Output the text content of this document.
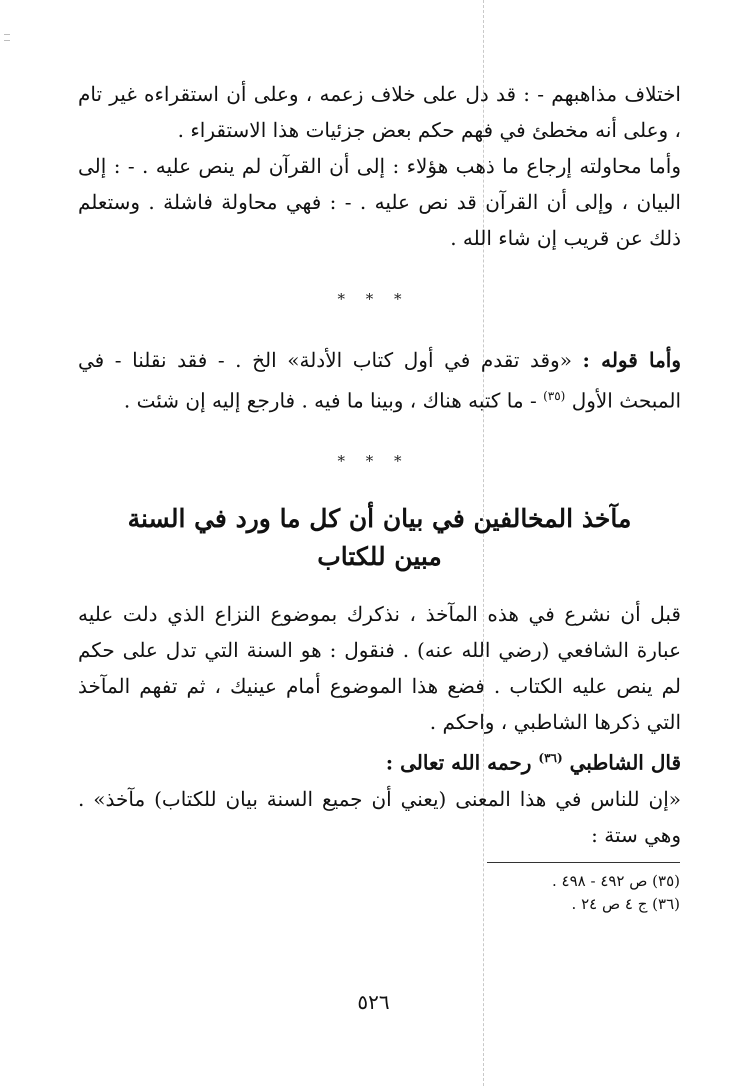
اختلاف مذاهبهم - : قد دل على خلاف زعمه ، وعلى أن استقراءه غير تام ، وعلى أنه مخطئ في فهم حكم بعض جزئيات هذا الاستقراء .

وأما محاولته إرجاع ما ذهب هؤلاء : إلى أن القرآن لم ينص عليه . - : إلى البيان ، وإلى أن القرآن قد نص عليه . - : فهي محاولة فاشلة . وستعلم ذلك عن قريب إن شاء الله .

* * *

وأما قوله : «وقد تقدم في أول كتاب الأدلة» الخ . - فقد نقلنا - في المبحث الأول $^{(٣٥)}$ - ما كتبه هناك ، وبينا ما فيه . فارجع إليه إن شئت .

* * *
مآخذ المخالفين في بيان أن كل ما ورد في السنة
مبين للكتاب

قبل أن نشرع في هذه المآخذ ، نذكرك بموضوع النزاع الذي دلت عليه عبارة الشافعي (رضي الله عنه) . فنقول : هو السنة التي تدل على حكم لم ينص عليه الكتاب . فضع هذا الموضوع أمام عينيك ، ثم تفهم المآخذ التي ذكرها الشاطبي ، واحكم .

قال الشاطبي $^{(٣٦)}$ رحمه الله تعالى :

«إن للناس في هذا المعنى (يعني أن جميع السنة بيان للكتاب) مآخذ» . وهي ستة :

(٣٥) ص ٤٩٢ - ٤٩٨ .
(٣٦) ج ٤ ص ٢٤ .
٥٢٦
